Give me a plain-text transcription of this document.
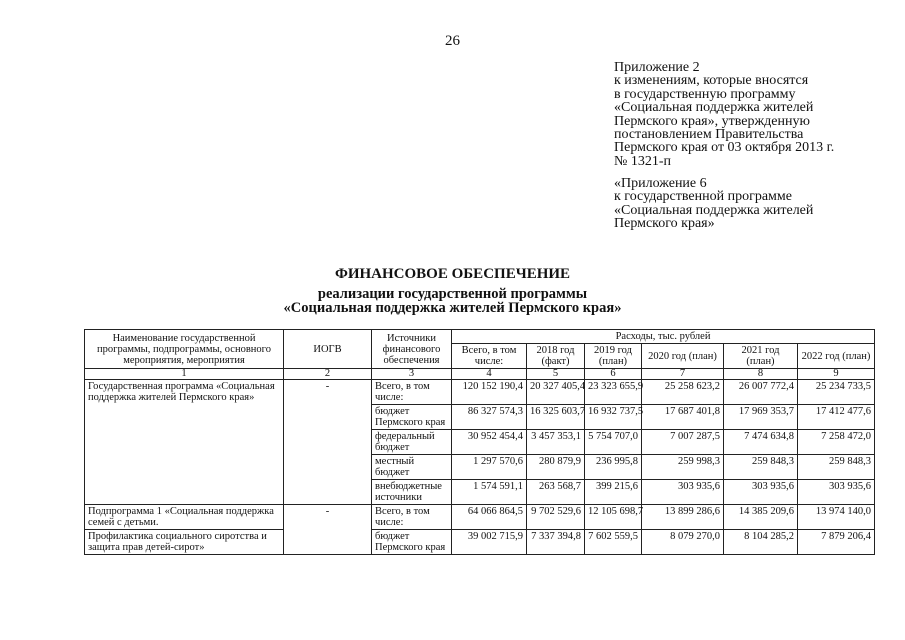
26
Приложение 2
к изменениям, которые вносятся
в государственную программу
«Социальная поддержка жителей
Пермского края», утвержденную
постановлением Правительства
Пермского края от 03 октября 2013 г.
№ 1321-п
«Приложение 6
к государственной программе
«Социальная поддержка жителей
Пермского края»
ФИНАНСОВОЕ ОБЕСПЕЧЕНИЕ
реализации государственной программы
«Социальная поддержка жителей Пермского края»
Наименование государственной программы, подпрограммы, основного мероприятия, мероприятия	ИОГВ	Источники финансового обеспечения	Расходы, тыс. рублей					
			Всего, в том числе:	2018 год (факт)	2019 год (план)	2020 год (план)	2021 год (план)	2022 год (план)
1	2	3	4	5	6	7	8	9
Государственная программа «Социальная поддержка жителей Пермского края»	-	Всего, в том числе:	120 152 190,4	20 327 405,4	23 323 655,9	25 258 623,2	26 007 772,4	25 234 733,5
		бюджет Пермского края	86 327 574,3	16 325 603,7	16 932 737,5	17 687 401,8	17 969 353,7	17 412 477,6
		федеральный бюджет	30 952 454,4	3 457 353,1	5 754 707,0	7 007 287,5	7 474 634,8	7 258 472,0
		местный бюджет	1 297 570,6	280 879,9	236 995,8	259 998,3	259 848,3	259 848,3
		внебюджетные источники	1 574 591,1	263 568,7	399 215,6	303 935,6	303 935,6	303 935,6
Подпрограмма 1 «Социальная поддержка семей с детьми.	-	Всего, в том числе:	64 066 864,5	9 702 529,6	12 105 698,7	13 899 286,6	14 385 209,6	13 974 140,0
Профилактика социального сиротства и защита прав детей-сирот»		бюджет Пермского края	39 002 715,9	7 337 394,8	7 602 559,5	8 079 270,0	8 104 285,2	7 879 206,4
